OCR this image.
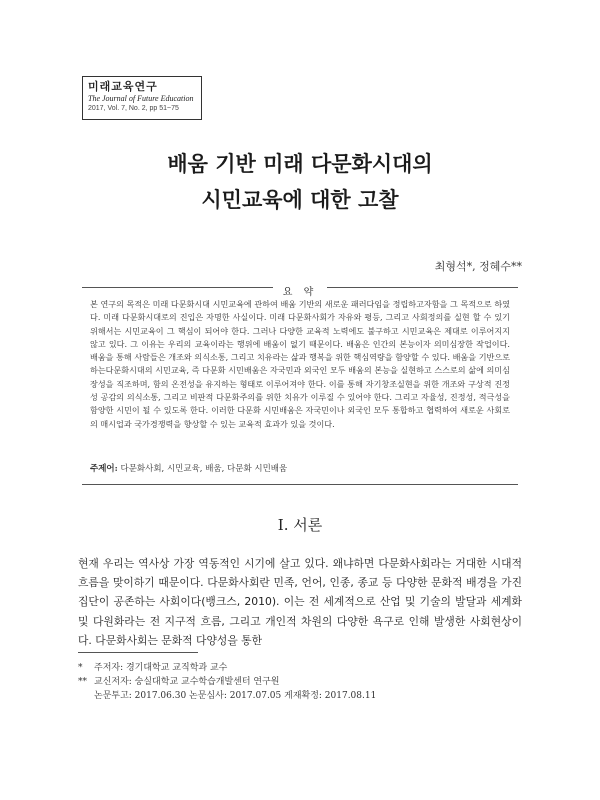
미래교육연구
The Journal of Future Education
2017, Vol. 7, No. 2, pp 51~75
배움 기반 미래 다문화시대의
시민교육에 대한 고찰
최형석*, 정혜수**
요 약
본 연구의 목적은 미래 다문화시대 시민교육에 관하여 배움 기반의 새로운 패러다임을 정립하고자함을 그 목적으로 하였다. 미래 다문화시대로의 진입은 자명한 사실이다. 미래 다문화사회가 자유와 평등, 그리고 사회정의를 실현 할 수 있기 위해서는 시민교육이 그 핵심이 되어야 한다. 그러나 다양한 교육적 노력에도 불구하고 시민교육은 제대로 이루어지지 않고 있다. 그 이유는 우리의 교육이라는 행위에 배움이 없기 때문이다. 배움은 인간의 본능이자 의미심장한 작업이다. 배움을 통해 사람들은 개조와 의식소통, 그리고 치유라는 삶과 행복을 위한 핵심역량을 함양할 수 있다. 배움을 기반으로 하는다문화시대의 시민교육, 즉 다문화 시민배움은 자국민과 외국인 모두 배움의 본능을 실현하고 스스로의 삶에 의미심장성을 직조하며, 함의 온전성을 유지하는 형태로 이루어져야 한다. 이를 통해 자기창조실현을 위한 개조와 구상적 진정성 공감의 의식소통, 그리고 비판적 다문화주의를 위한 치유가 이루질 수 있어야 한다. 그리고 자율성, 진정성, 적극성을 함양한 시민이 될 수 있도록 한다. 이러한 다문화 시민배움은 자국민이나 외국인 모두 통합하고 협력하여 새로운 사회로의 매시업과 국가경쟁력을 향상할 수 있는 교육적 효과가 있을 것이다.
주제어: 다문화사회, 시민교육, 배움, 다문화 시민배움
Ⅰ. 서론
현재 우리는 역사상 가장 역동적인 시기에 살고 있다. 왜냐하면 다문화사회라는 거대한 시대적 흐름을 맞이하기 때문이다. 다문화사회란 민족, 언어, 인종, 종교 등 다양한 문화적 배경을 가진 집단이 공존하는 사회이다(뱅크스, 2010). 이는 전 세계적으로 산업 및 기술의 발달과 세계화 및 다원화라는 전 지구적 흐름, 그리고 개인적 차원의 다양한 욕구로 인해 발생한 사회현상이다. 다문화사회는 문화적 다양성을 통한
* 주저자: 경기대학교 교직학과 교수
** 교신저자: 숭실대학교 교수학습개발센터 연구원
논문투고: 2017.06.30 논문심사: 2017.07.05 게재확정: 2017.08.11
